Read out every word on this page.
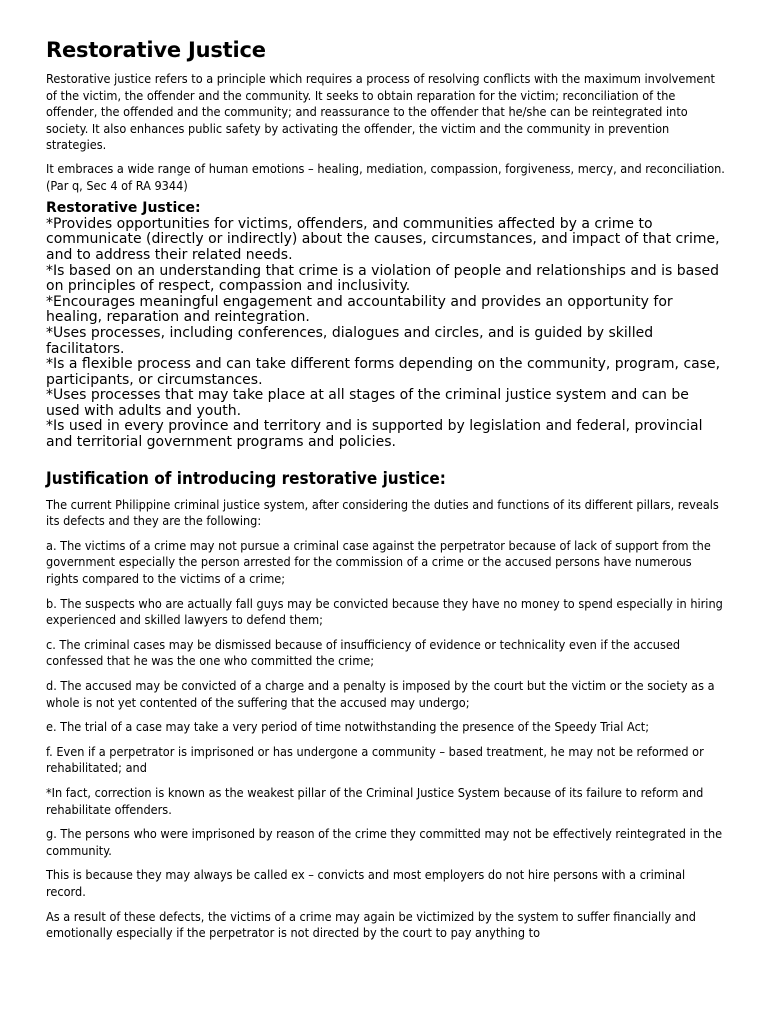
Restorative Justice

Restorative justice refers to a principle which requires a process of resolving conflicts with the maximum involvement of the victim, the offender and the community. It seeks to obtain reparation for the victim; reconciliation of the offender, the offended and the community; and reassurance to the offender that he/she can be reintegrated into society. It also enhances public safety by activating the offender, the victim and the community in prevention strategies.

It embraces a wide range of human emotions – healing, mediation, compassion, forgiveness, mercy, and reconciliation. (Par q, Sec 4 of RA 9344)

Restorative Justice:
*Provides opportunities for victims, offenders, and communities affected by a crime to communicate (directly or indirectly) about the causes, circumstances, and impact of that crime, and to address their related needs.
*Is based on an understanding that crime is a violation of people and relationships and is based on principles of respect, compassion and inclusivity.
*Encourages meaningful engagement and accountability and provides an opportunity for healing, reparation and reintegration.
*Uses processes, including conferences, dialogues and circles, and is guided by skilled facilitators.
*Is a flexible process and can take different forms depending on the community, program, case, participants, or circumstances.
*Uses processes that may take place at all stages of the criminal justice system and can be used with adults and youth.
*Is used in every province and territory and is supported by legislation and federal, provincial and territorial government programs and policies.
Justification of introducing restorative justice:

The current Philippine criminal justice system, after considering the duties and functions of its different pillars, reveals its defects and they are the following:

a. The victims of a crime may not pursue a criminal case against the perpetrator because of lack of support from the government especially the person arrested for the commission of a crime or the accused persons have numerous rights compared to the victims of a crime;

b. The suspects who are actually fall guys may be convicted because they have no money to spend especially in hiring experienced and skilled lawyers to defend them;

c. The criminal cases may be dismissed because of insufficiency of evidence or technicality even if the accused confessed that he was the one who committed the crime;

d. The accused may be convicted of a charge and a penalty is imposed by the court but the victim or the society as a whole is not yet contented of the suffering that the accused may undergo;

e. The trial of a case may take a very period of time notwithstanding the presence of the Speedy Trial Act;

f. Even if a perpetrator is imprisoned or has undergone a community – based treatment, he may not be reformed or rehabilitated; and

*In fact, correction is known as the weakest pillar of the Criminal Justice System because of its failure to reform and rehabilitate offenders.

g. The persons who were imprisoned by reason of the crime they committed may not be effectively reintegrated in the community.

This is because they may always be called ex – convicts and most employers do not hire persons with a criminal record.

As a result of these defects, the victims of a crime may again be victimized by the system to suffer financially and emotionally especially if the perpetrator is not directed by the court to pay anything to
